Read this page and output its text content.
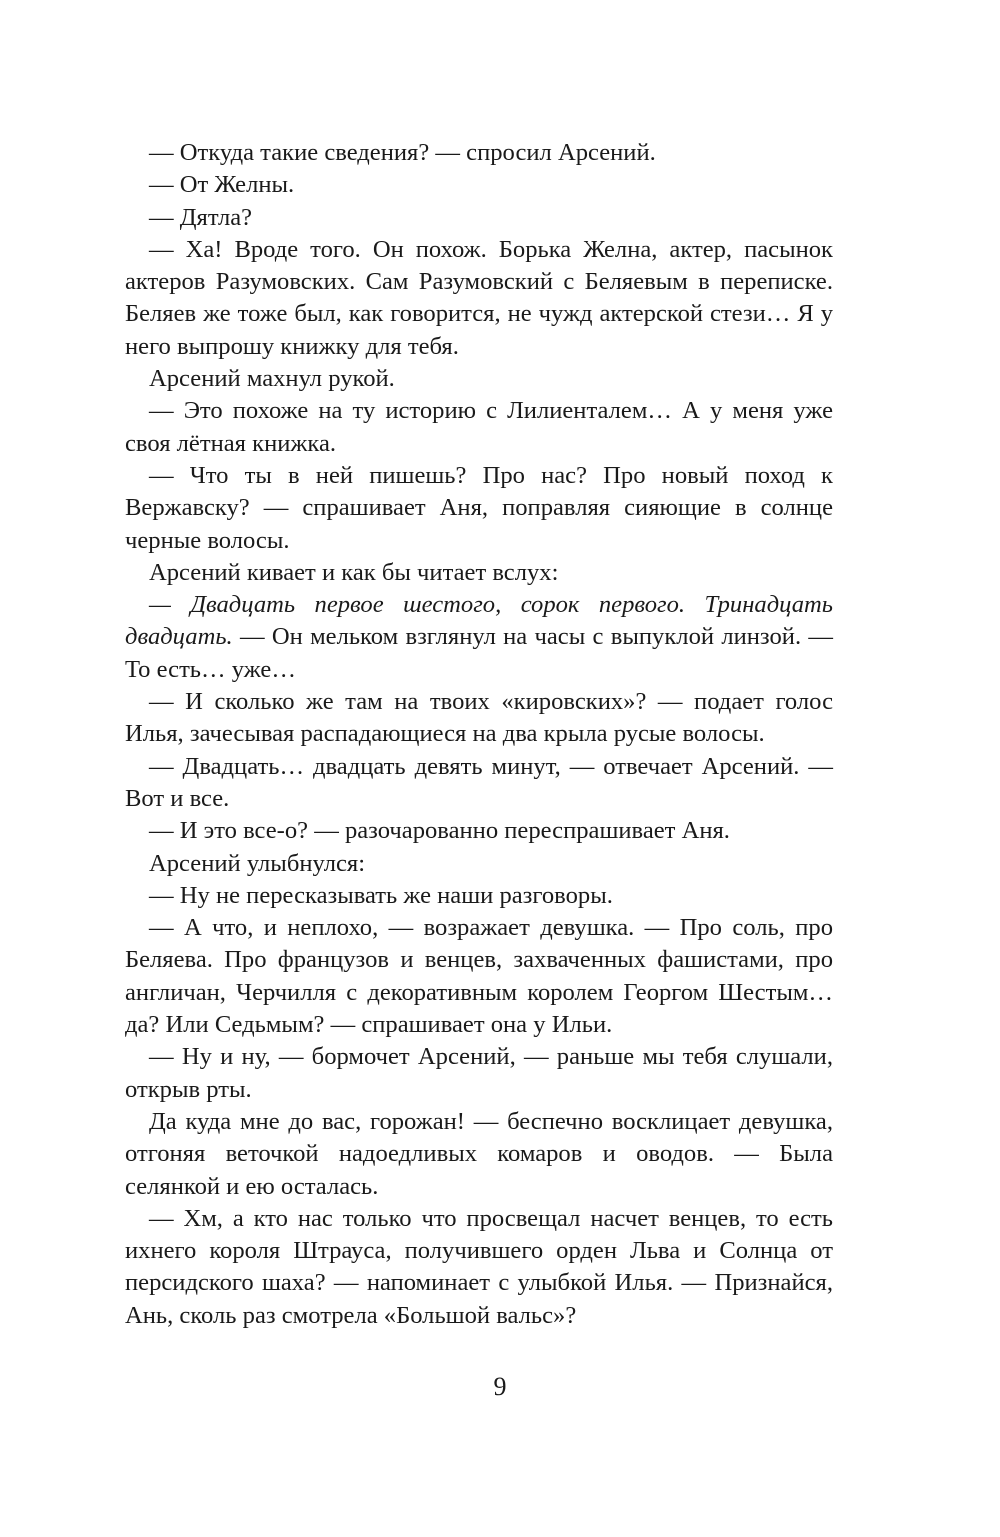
— Откуда такие сведения? — спросил Арсений.

— От Желны.

— Дятла?

— Ха! Вроде того. Он похож. Борька Желна, актер, пасынок актеров Разумовских. Сам Разумовский с Беляевым в переписке. Беляев же тоже был, как говорится, не чужд актерской стези… Я у него выпрошу книжку для тебя.

Арсений махнул рукой.

— Это похоже на ту историю с Лилиенталем… А у меня уже своя лётная книжка.

— Что ты в ней пишешь? Про нас? Про новый поход к Вержавску? — спрашивает Аня, поправляя сияющие в солнце черные волосы.

Арсений кивает и как бы читает вслух:

— Двадцать первое шестого, сорок первого. Тринадцать двадцать. — Он мельком взглянул на часы с выпуклой линзой. — То есть… уже…

— И сколько же там на твоих «кировских»? — подает голос Илья, зачесывая распадающиеся на два крыла русые волосы.

— Двадцать… двадцать девять минут, — отвечает Арсений. — Вот и все.

— И это все-о? — разочарованно переспрашивает Аня.

Арсений улыбнулся:

— Ну не пересказывать же наши разговоры.

— А что, и неплохо, — возражает девушка. — Про соль, про Беляева. Про французов и венцев, захваченных фашистами, про англичан, Черчилля с декоративным королем Георгом Шестым… да? Или Седьмым? — спрашивает она у Ильи.

— Ну и ну, — бормочет Арсений, — раньше мы тебя слушали, открыв рты.

Да куда мне до вас, горожан! — беспечно восклицает девушка, отгоняя веточкой надоедливых комаров и оводов. — Была селянкой и ею осталась.

— Хм, а кто нас только что просвещал насчет венцев, то есть ихнего короля Штрауса, получившего орден Льва и Солнца от персидского шаха? — напоминает с улыбкой Илья. — Признайся, Ань, сколь раз смотрела «Большой вальс»?

9
